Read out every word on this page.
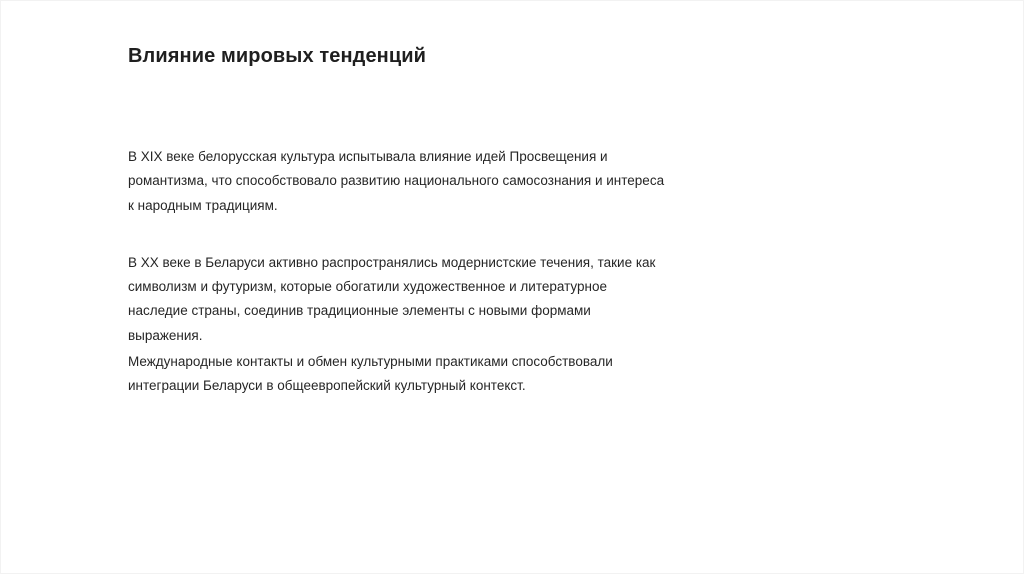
Влияние мировых тенденций

В XIX веке белорусская культура испытывала влияние идей Просвещения и
романтизма, что способствовало развитию национального самосознания и интереса
к народным традициям.

В XX веке в Беларуси активно распространялись модернистские течения, такие как
символизм и футуризм, которые обогатили художественное и литературное
наследие страны, соединив традиционные элементы с новыми формами
выражения.

Международные контакты и обмен культурными практиками способствовали
интеграции Беларуси в общеевропейский культурный контекст.
